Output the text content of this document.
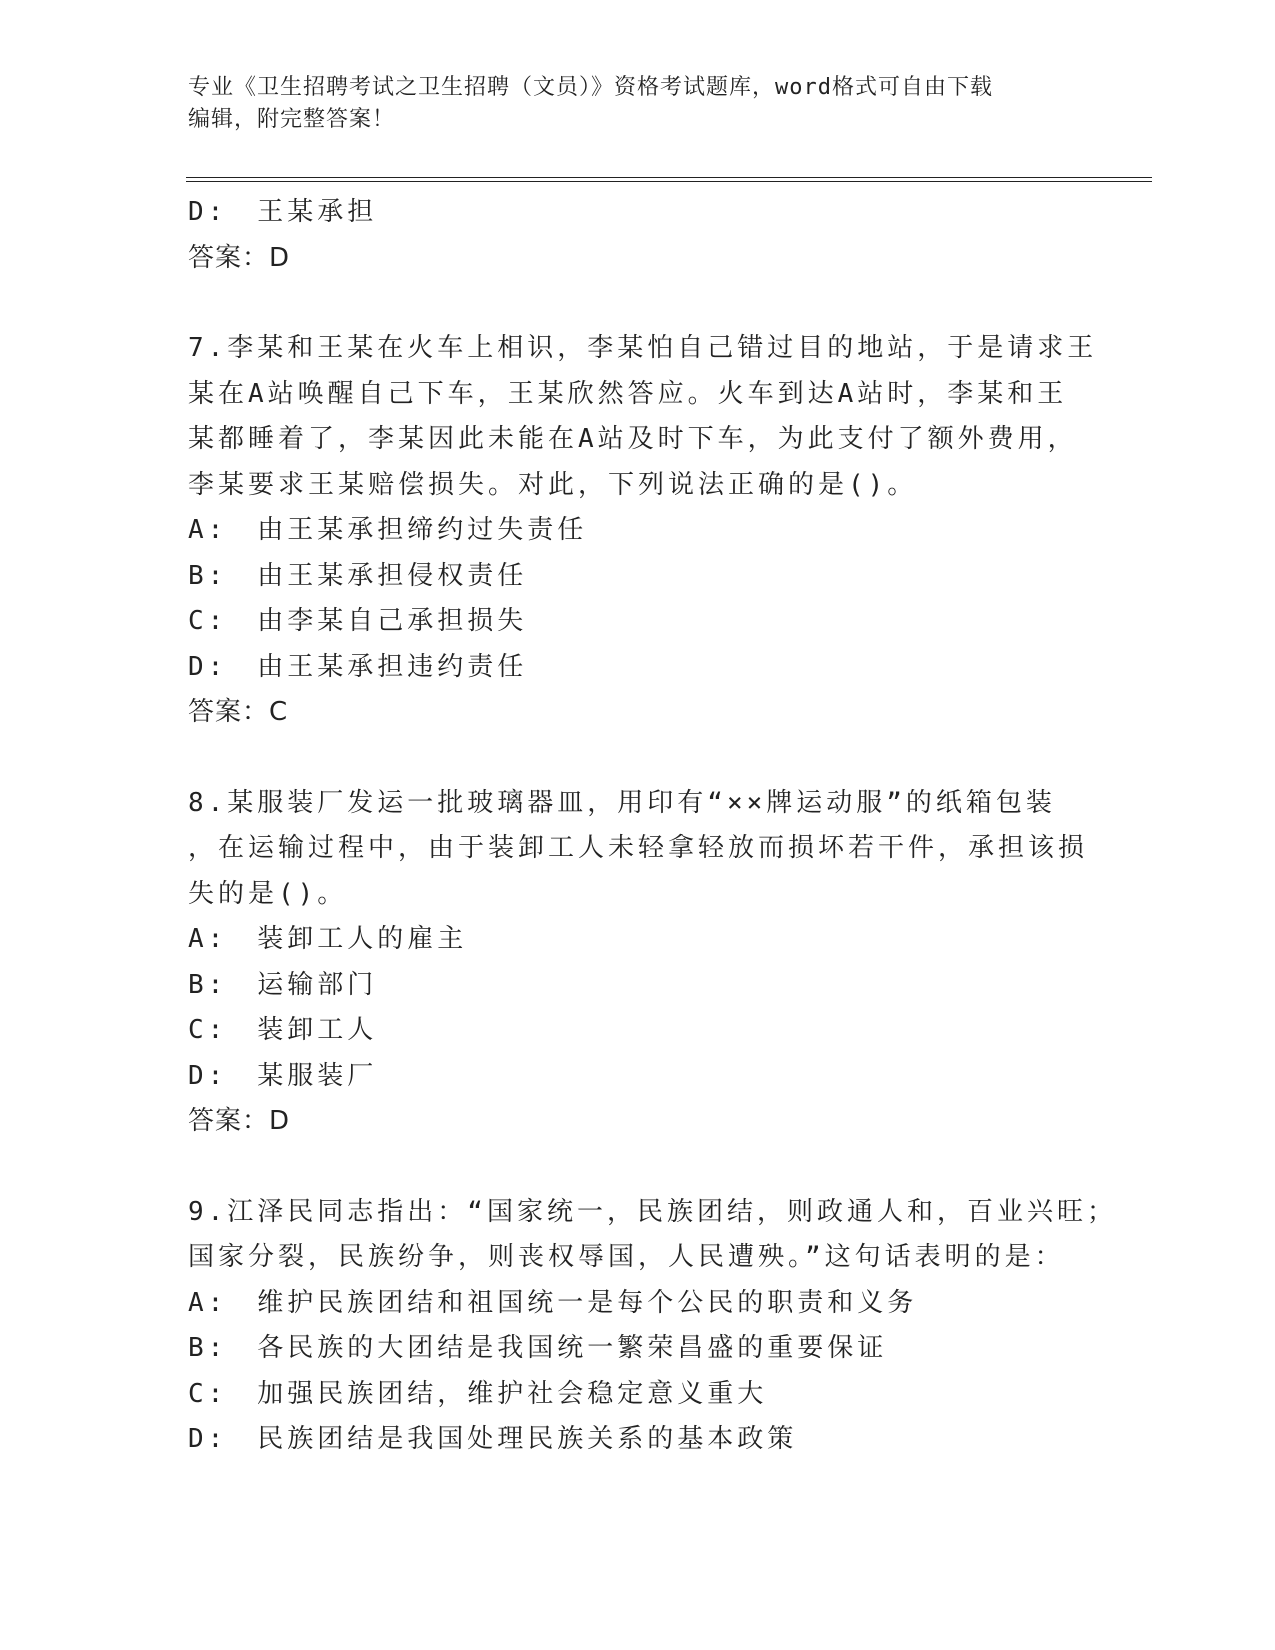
专业《卫生招聘考试之卫生招聘（文员）》资格考试题库，word格式可自由下载
编辑，附完整答案！

D:　王某承担

答案：D

7.李某和王某在火车上相识，李某怕自己错过目的地站，于是请求王

某在A站唤醒自己下车，王某欣然答应。火车到达A站时，李某和王

某都睡着了，李某因此未能在A站及时下车，为此支付了额外费用，

李某要求王某赔偿损失。对此，下列说法正确的是()。

A:　由王某承担缔约过失责任

B:　由王某承担侵权责任

C:　由李某自己承担损失

D:　由王某承担违约责任

答案：C

8.某服装厂发运一批玻璃器皿，用印有“××牌运动服”的纸箱包装

，在运输过程中，由于装卸工人未轻拿轻放而损坏若干件，承担该损

失的是()。

A:　装卸工人的雇主

B:　运输部门

C:　装卸工人

D:　某服装厂

答案：D

9.江泽民同志指出：“国家统一，民族团结，则政通人和，百业兴旺；

国家分裂，民族纷争，则丧权辱国，人民遭殃。”这句话表明的是：

A:　维护民族团结和祖国统一是每个公民的职责和义务

B:　各民族的大团结是我国统一繁荣昌盛的重要保证

C:　加强民族团结，维护社会稳定意义重大

D:　民族团结是我国处理民族关系的基本政策
